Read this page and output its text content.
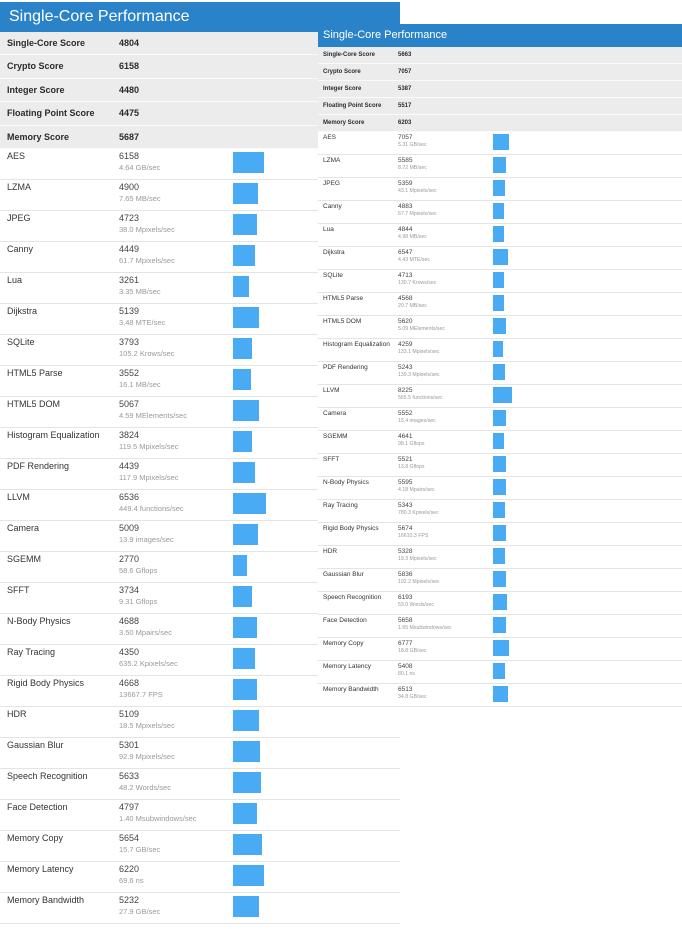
Single-Core Performance
Single-Core Score	4804
Crypto Score	6158
Integer Score	4480
Floating Point Score	4475
Memory Score	5687
AES	6158
4.64 GB/sec
LZMA	4900
7.65 MB/sec
JPEG	4723
38.0 Mpixels/sec
Canny	4449
61.7 Mpixels/sec
Lua	3261
3.35 MB/sec
Dijkstra	5139
3.48 MTE/sec
SQLite	3793
105.2 Krows/sec
HTML5 Parse	3552
16.1 MB/sec
HTML5 DOM	5067
4.59 MElements/sec
Histogram Equalization 3824
119.5 Mpixels/sec
PDF Rendering	4439
117.9 Mpixels/sec
LLVM	6536
449.4 functions/sec
Camera	5009
13.9 images/sec
SGEMM	2770
58.6 Gflops
SFFT	3734
9.31 Gflops
N-Body Physics	4688
3.50 Mpairs/sec
Ray Tracing	4350
635.2 Kpixels/sec
Rigid Body Physics	4668
13667.7 FPS
HDR	5109
18.5 Mpixels/sec
Gaussian Blur	5301
92.9 Mpixels/sec
Speech Recognition	5633
48.2 Words/sec
Face Detection	4797
1.40 Msubwindows/sec
Memory Copy	5654
15.7 GB/sec
Memory Latency	6220
69.6 ns
Memory Bandwidth	5232
27.9 GB/sec
Single-Core Performance
Single-Core Score	5663
Crypto Score	7057
Integer Score	5387
Floating Point Score	5517
Memory Score	6203
AES	7057
5.31 GB/sec
LZMA	5585
8.72 MB/sec
JPEG	5359
43.1 Mpixels/sec
Canny	4883
67.7 Mpixels/sec
Lua	4844
4.98 MB/sec
Dijkstra	6547
4.43 MTE/sec
SQLite	4713
130.7 Krows/sec
HTML5 Parse	4568
20.7 MB/sec
HTML5 DOM	5620
5.09 MElements/sec
Histogram Equalization 4259
133.1 Mpixels/sec
PDF Rendering	5243
139.3 Mpixels/sec
LLVM	8225
565.5 functions/sec
Camera	5552
15.4 images/sec
SGEMM	4641
98.1 Gflops
SFFT	5521
13.8 Gflops
N-Body Physics	5595
4.18 Mpairs/sec
Ray Tracing	5343
780.3 Kpixels/sec
Rigid Body Physics	5674
16610.3 FPS
HDR	5328
19.3 Mpixels/sec
Gaussian Blur	5836
102.2 Mpixels/sec
Speech Recognition	6193
53.0 Words/sec
Face Detection	5658
1.65 Msubwindows/sec
Memory Copy	6777
18.8 GB/sec
Memory Latency	5408
80.1 ns
Memory Bandwidth	6513
34.8 GB/sec
